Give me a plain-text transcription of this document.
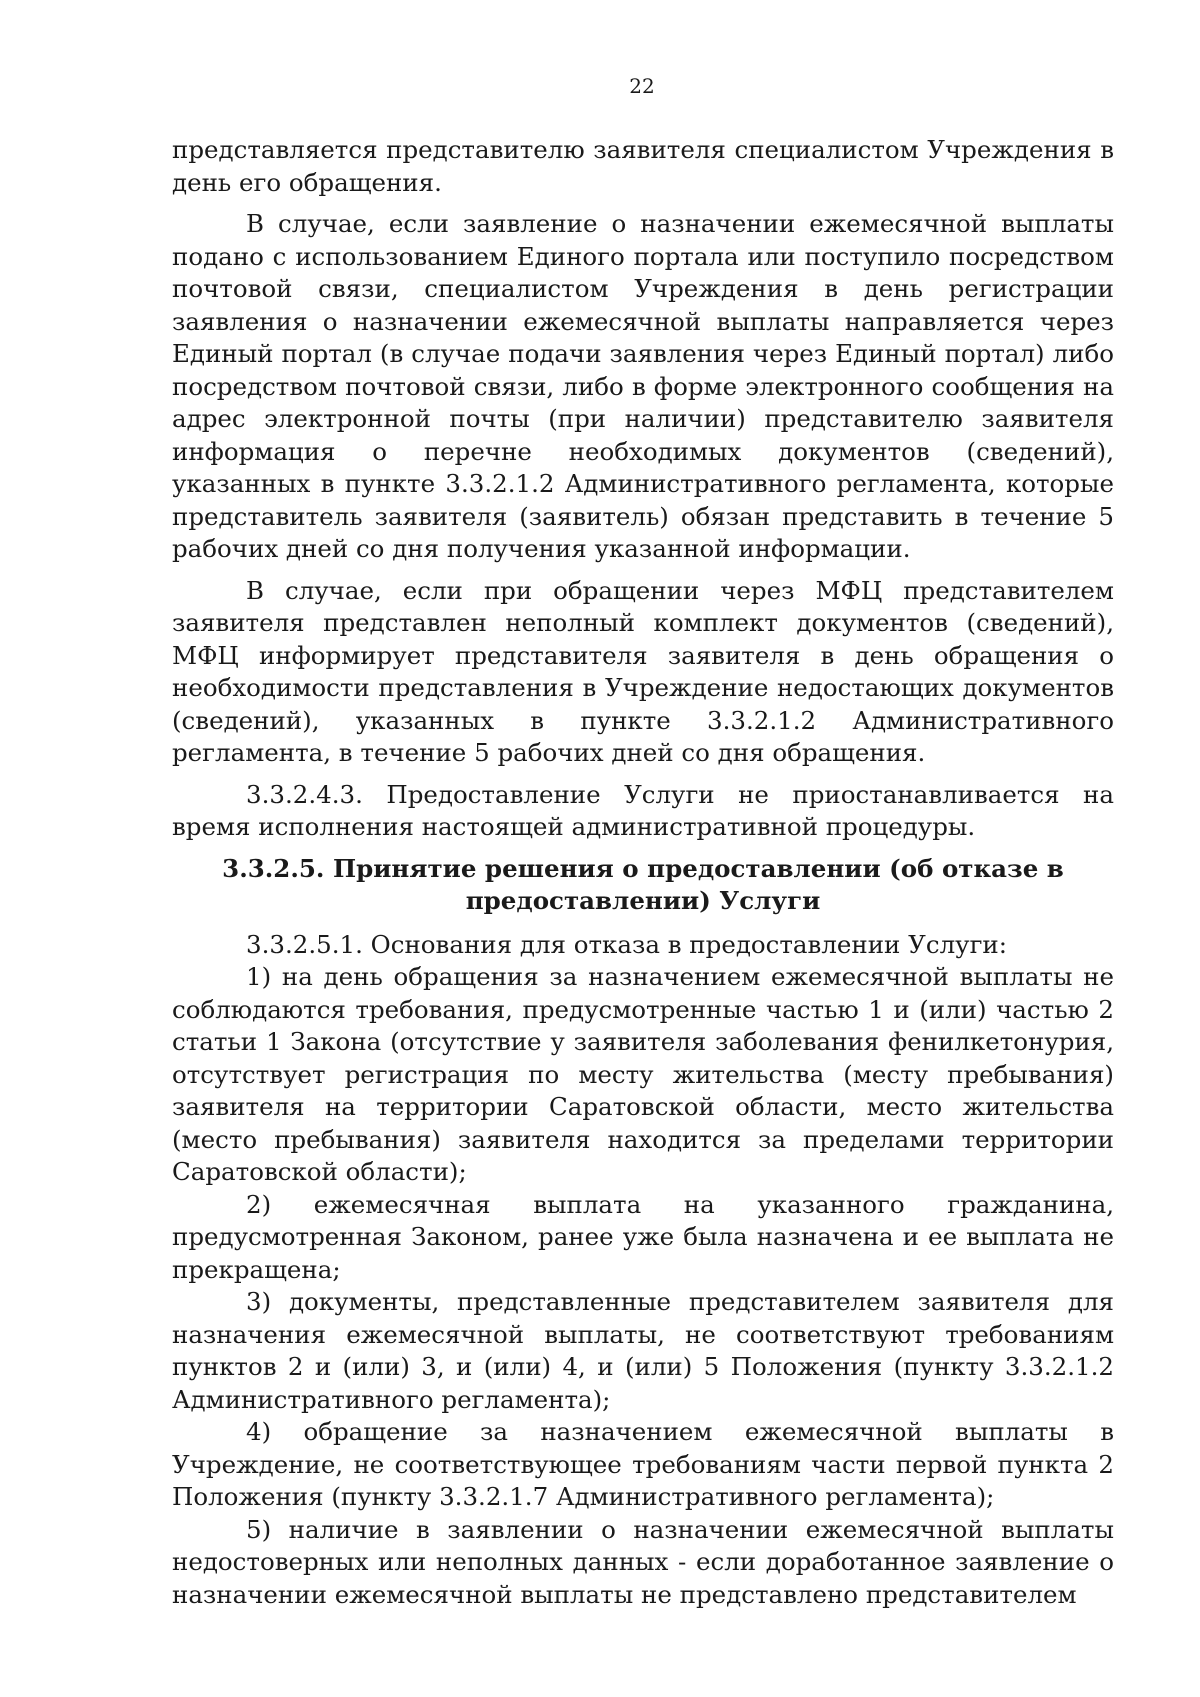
22

представляется представителю заявителя специалистом Учреждения в день его обращения.

В случае, если заявление о назначении ежемесячной выплаты подано с использованием Единого портала или поступило посредством почтовой связи, специалистом Учреждения в день регистрации заявления о назначении ежемесячной выплаты направляется через Единый портал (в случае подачи заявления через Единый портал) либо посредством почтовой связи, либо в форме электронного сообщения на адрес электронной почты (при наличии) представителю заявителя информация о перечне необходимых документов (сведений), указанных в пункте 3.3.2.1.2 Административного регламента, которые представитель заявителя (заявитель) обязан представить в течение 5 рабочих дней со дня получения указанной информации.

В случае, если при обращении через МФЦ представителем заявителя представлен неполный комплект документов (сведений), МФЦ информирует представителя заявителя в день обращения о необходимости представления в Учреждение недостающих документов (сведений), указанных в пункте 3.3.2.1.2 Административного регламента, в течение 5 рабочих дней со дня обращения.

3.3.2.4.3. Предоставление Услуги не приостанавливается на время исполнения настоящей административной процедуры.

3.3.2.5. Принятие решения о предоставлении (об отказе в предоставлении) Услуги

3.3.2.5.1. Основания для отказа в предоставлении Услуги:

1) на день обращения за назначением ежемесячной выплаты не соблюдаются требования, предусмотренные частью 1 и (или) частью 2 статьи 1 Закона (отсутствие у заявителя заболевания фенилкетонурия, отсутствует регистрация по месту жительства (месту пребывания) заявителя на территории Саратовской области, место жительства (место пребывания) заявителя находится за пределами территории Саратовской области);

2) ежемесячная выплата на указанного гражданина, предусмотренная Законом, ранее уже была назначена и ее выплата не прекращена;

3) документы, представленные представителем заявителя для назначения ежемесячной выплаты, не соответствуют требованиям пунктов 2 и (или) 3, и (или) 4, и (или) 5 Положения (пункту 3.3.2.1.2 Административного регламента);

4) обращение за назначением ежемесячной выплаты в Учреждение, не соответствующее требованиям части первой пункта 2 Положения (пункту 3.3.2.1.7 Административного регламента);

5) наличие в заявлении о назначении ежемесячной выплаты недостоверных или неполных данных - если доработанное заявление о назначении ежемесячной выплаты не представлено представителем
